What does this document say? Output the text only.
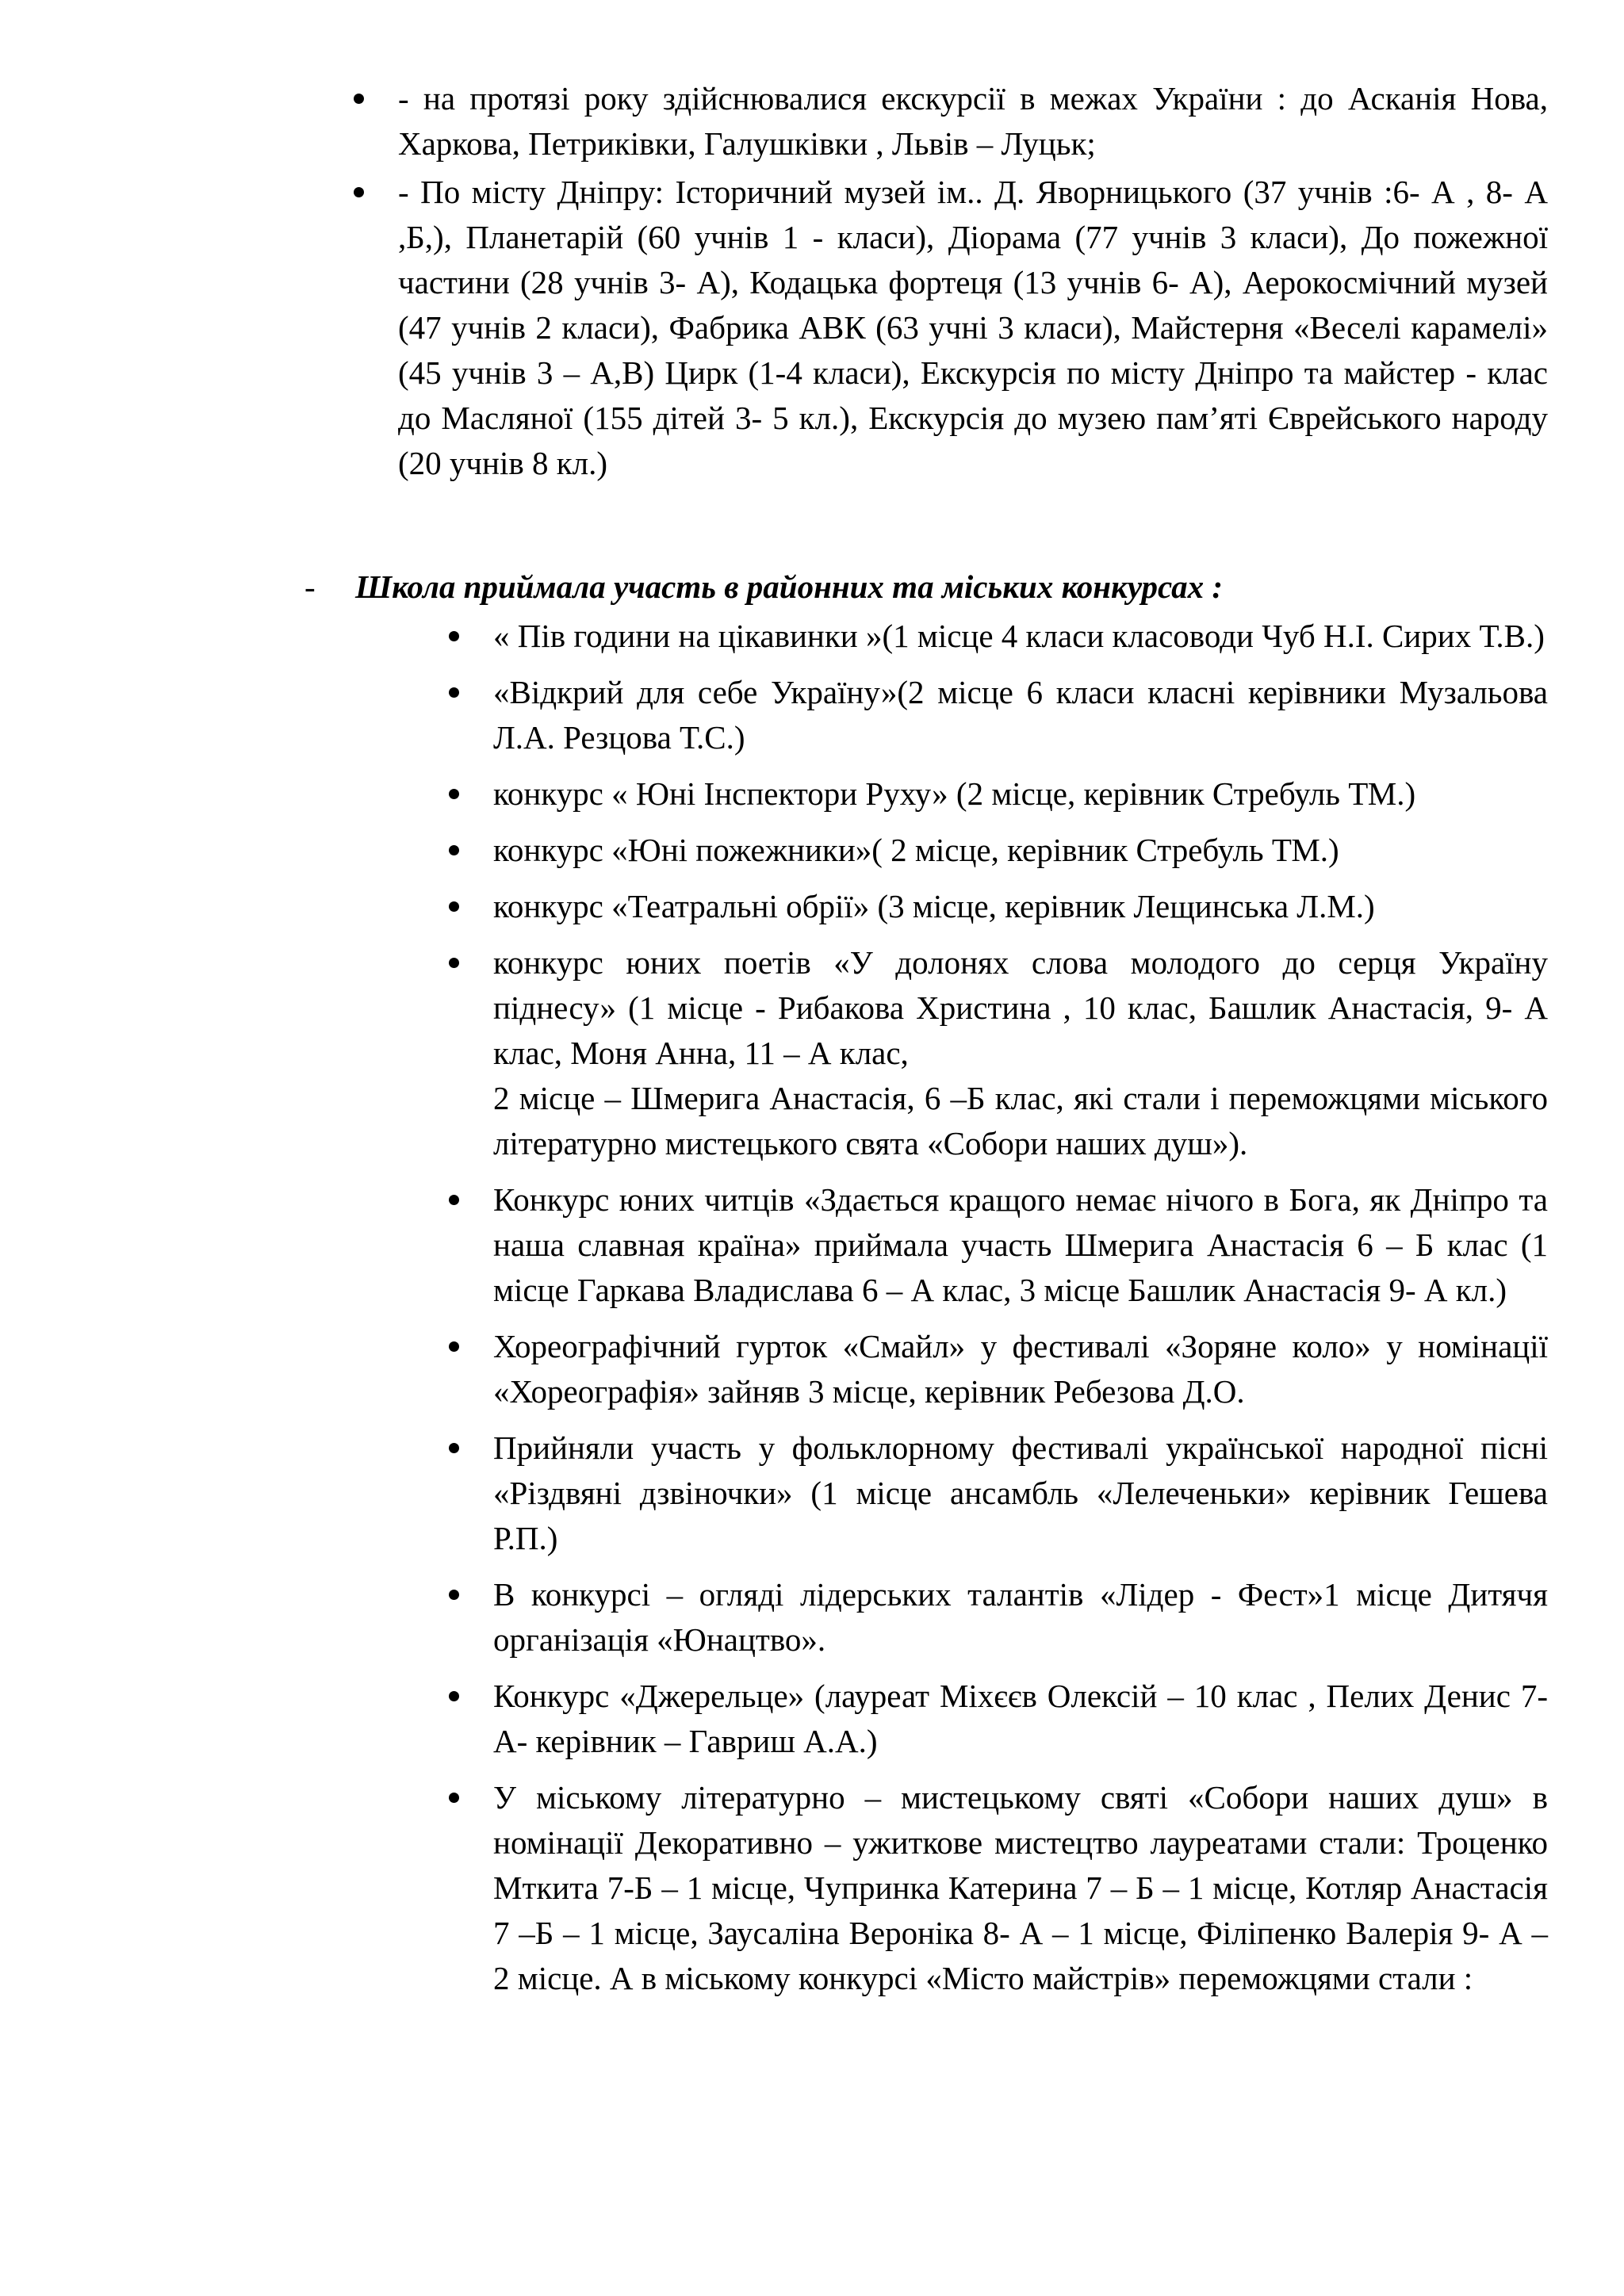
- на протязі року здійснювалися екскурсії в межах України : до Асканія Нова, Харкова, Петриківки, Галушківки , Львів – Луцьк;
- По місту Дніпру: Історичний музей ім.. Д. Яворницького (37 учнів :6- А , 8- А ,Б,), Планетарій (60 учнів 1 - класи), Діорама (77 учнів 3 класи), До пожежної частини (28 учнів 3- А), Кодацька фортеця (13 учнів 6- А), Аерокосмічний музей (47 учнів 2 класи), Фабрика АВК (63 учні 3 класи), Майстерня «Веселі карамелі» (45 учнів 3 – А,В) Цирк (1-4 класи), Екскурсія по місту Дніпро та майстер - клас до Масляної (155 дітей 3- 5 кл.), Екскурсія до музею пам’яті Єврейського народу (20 учнів 8 кл.)
- Школа приймала участь в районних та міських конкурсах :
« Пів години на цікавинки »(1 місце 4 класи класоводи Чуб Н.І. Сирих Т.В.)
«Відкрий для себе Україну»(2 місце 6 класи класні керівники Музальова Л.А. Резцова Т.С.)
конкурс « Юні Інспектори Руху» (2 місце, керівник Стребуль ТМ.)
конкурс «Юні пожежники»( 2 місце, керівник Стребуль ТМ.)
конкурс «Театральні обрії» (3 місце, керівник Лещинська Л.М.)
конкурс юних поетів «У долонях слова молодого до серця Україну піднесу» (1 місце - Рибакова Христина , 10 клас, Башлик Анастасія, 9- А клас, Моня Анна, 11 – А клас,
2 місце – Шмерига Анастасія, 6 –Б клас, які стали і переможцями міського літературно мистецького свята «Собори наших душ»).
Конкурс юних читців «Здається кращого немає нічого в Бога, як Дніпро та наша славная країна» приймала участь Шмерига Анастасія 6 – Б клас (1 місце Гаркава Владислава 6 – А клас, 3 місце Башлик Анастасія 9- А кл.)
Хореографічний гурток «Смайл» у фестивалі «Зоряне коло» у номінації «Хореографія» зайняв 3 місце, керівник Ребезова Д.О.
Прийняли участь у фольклорному фестивалі української народної пісні «Різдвяні дзвіночки» (1 місце ансамбль «Лелеченьки» керівник Гешева Р.П.)
В конкурсі – огляді лідерських талантів «Лідер - Фест»1 місце Дитячя організація «Юнацтво».
Конкурс «Джерельце» (лауреат Міхєєв Олексій – 10 клас , Пелих Денис 7-А- керівник – Гавриш А.А.)
У міському літературно – мистецькому святі «Собори наших душ» в номінації Декоративно – ужиткове мистецтво лауреатами стали: Троценко Мткита 7-Б – 1 місце, Чупринка Катерина 7 – Б – 1 місце, Котляр Анастасія 7 –Б – 1 місце, Заусаліна Вероніка 8- А – 1 місце, Філіпенко Валерія 9- А – 2 місце. А в міському конкурсі «Місто майстрів» переможцями стали :
